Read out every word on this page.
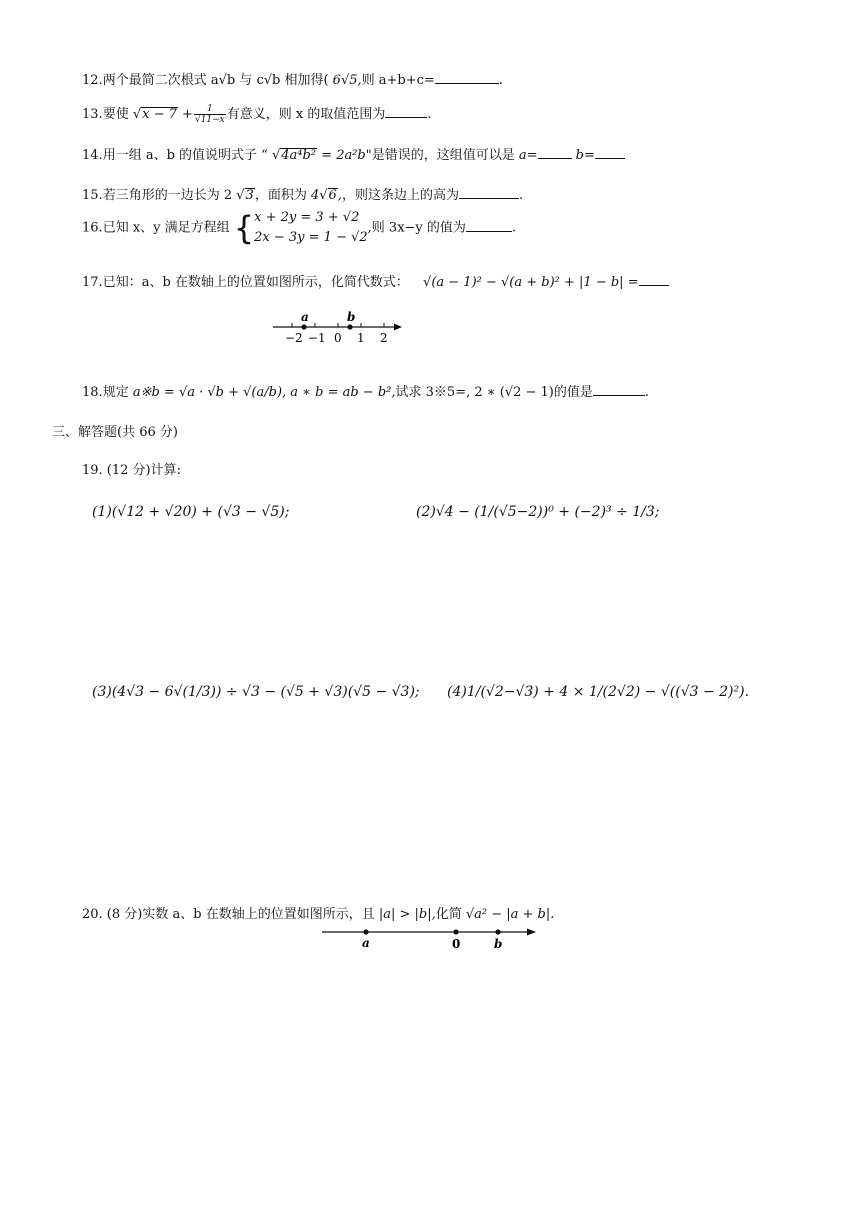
12.两个最简二次根式 a√b 与 c√b 相加得( 6√5,则 a+b+c=	.
13.要使 $√x - 7 + \frac{1}{√11-x}$ 有意义，则 x 的取值范围为	.
14.用一组 a、b 的值说明式子 “ √4a⁴b² = 2a²b"是错误的，这组值可以是 a=	b=
15.若三角形的一边长为 2 √3，面积为 4√6,，则这条边上的高为	.
16.已知 x、y 满足方程组 { x + 2y = 3 + √2
2x − 3y = 1 − √2
,则 3x−y 的值为	.
17.已知：a、b 在数轴上的位置如图所示，化简代数式： √(a − 1)² − √(a + b)² + |1 − b| =
a	b
−2 −1 0 1 2
18.规定 a※b = √a · √b + √(a/b), a ∗ b = ab − b²,试求 3※5=, 2 ∗ (√2 − 1)的值是	.
三、解答题(共 66 分)
19. (12 分)计算:
(1)(√12 + √20) + (√3 − √5);	(2)√4 − (1/(√5−2))⁰ + (−2)³ ÷ 1/3;
(3)(4√3 − 6√(1/3)) ÷ √3 − (√5 + √3)(√5 − √3); (4)1/(√2−√3) + 4 × 1/(2√2) − √((√3 − 2)²).
20. (8 分)实数 a、b 在数轴上的位置如图所示，且 |a| > |b|,化简 √a² − |a + b|.
a	0	b
